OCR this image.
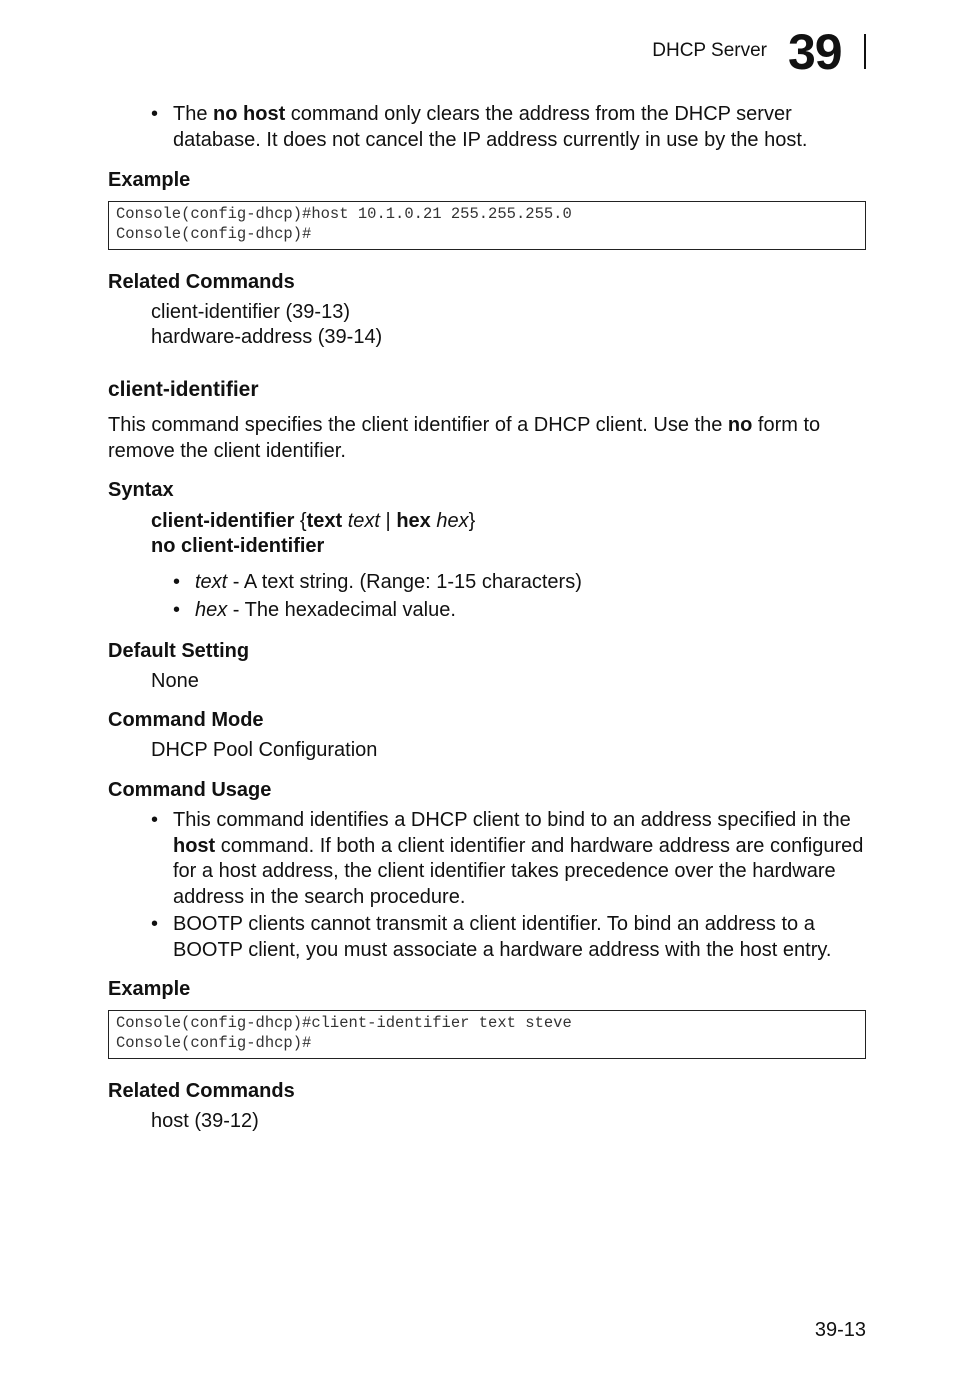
DHCP Server 39
• The no host command only clears the address from the DHCP server
database. It does not cancel the IP address currently in use by the host.
Example
Console(config-dhcp)#host 10.1.0.21 255.255.255.0
Console(config-dhcp)#
Related Commands
client-identifier (39-13)
hardware-address (39-14)
client-identifier
This command specifies the client identifier of a DHCP client. Use the no form to
remove the client identifier.
Syntax
client-identifier {text text | hex hex}
no client-identifier
• text - A text string. (Range: 1-15 characters)
• hex - The hexadecimal value.
Default Setting
None
Command Mode
DHCP Pool Configuration
Command Usage
• This command identifies a DHCP client to bind to an address specified in the
host command. If both a client identifier and hardware address are configured
for a host address, the client identifier takes precedence over the hardware
address in the search procedure.
• BOOTP clients cannot transmit a client identifier. To bind an address to a
BOOTP client, you must associate a hardware address with the host entry.
Example
Console(config-dhcp)#client-identifier text steve
Console(config-dhcp)#
Related Commands
host (39-12)
39-13
